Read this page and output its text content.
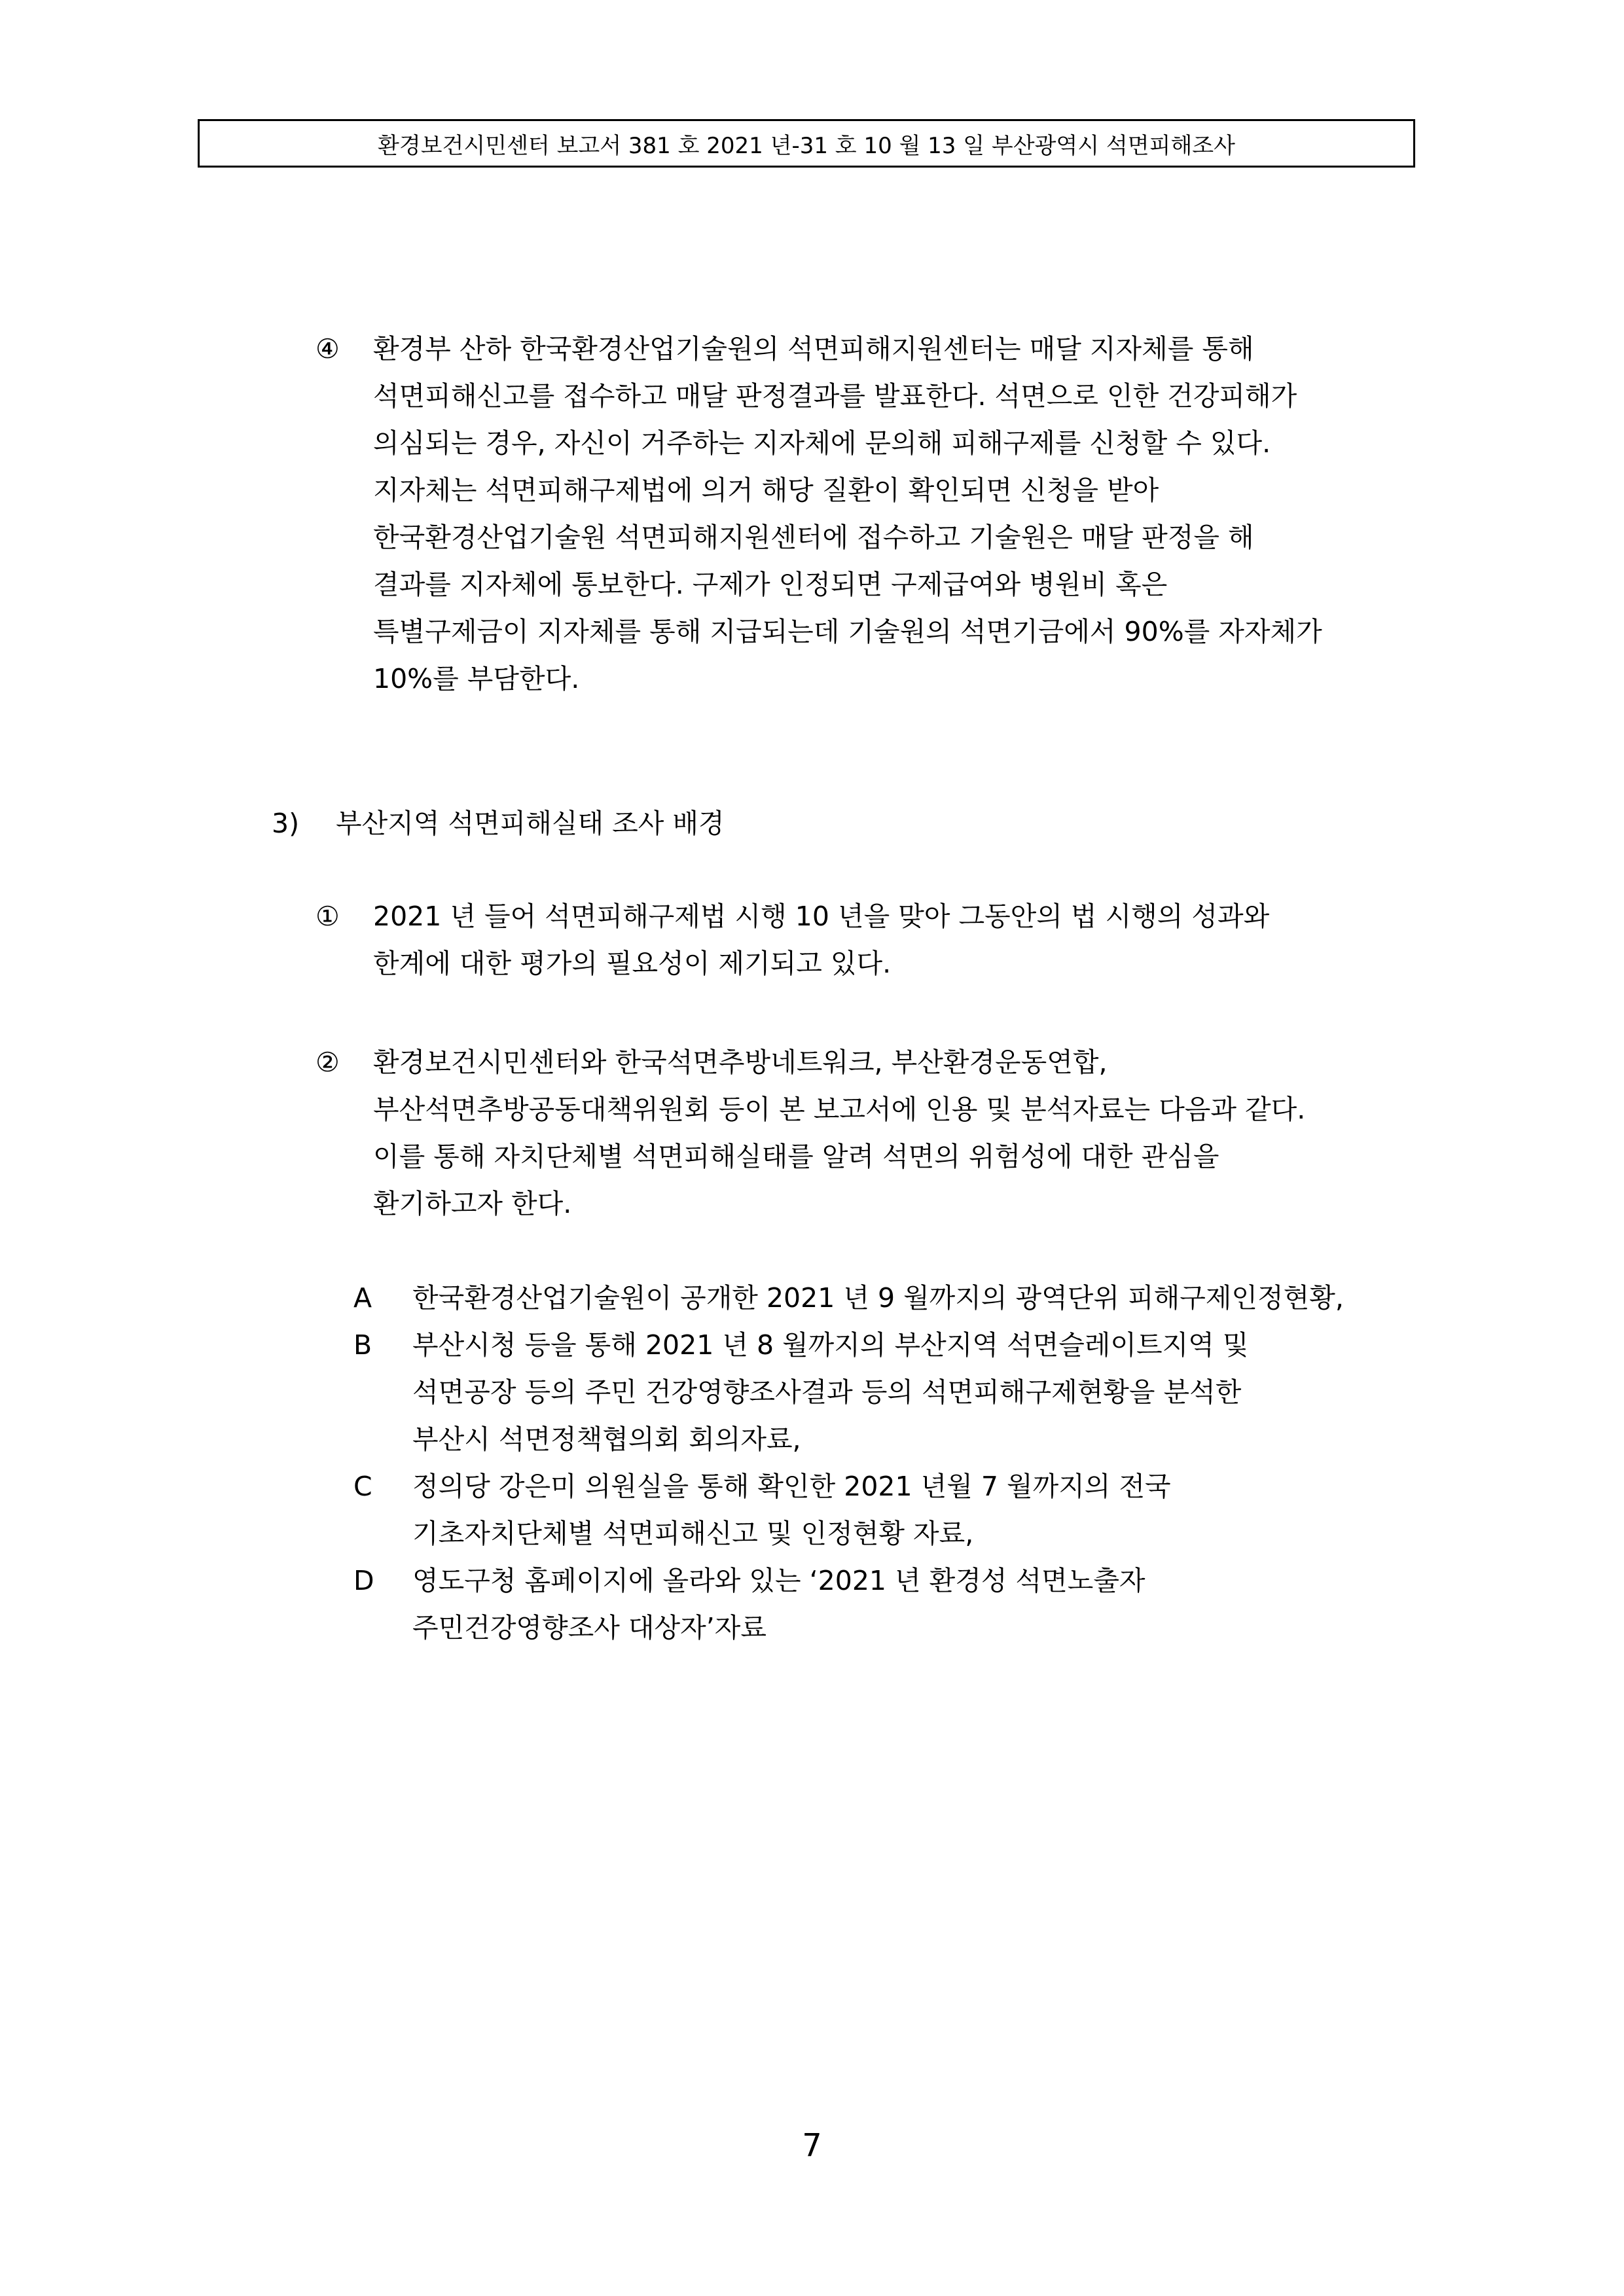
환경보건시민센터 보고서 381 호 2021 년-31 호 10 월 13 일 부산광역시 석면피해조사
④ 환경부 산하 한국환경산업기술원의 석면피해지원센터는 매달 지자체를 통해
석면피해신고를 접수하고 매달 판정결과를 발표한다. 석면으로 인한 건강피해가
의심되는 경우, 자신이 거주하는 지자체에 문의해 피해구제를 신청할 수 있다.
지자체는 석면피해구제법에 의거 해당 질환이 확인되면 신청을 받아
한국환경산업기술원 석면피해지원센터에 접수하고 기술원은 매달 판정을 해
결과를 지자체에 통보한다. 구제가 인정되면 구제급여와 병원비 혹은
특별구제금이 지자체를 통해 지급되는데 기술원의 석면기금에서 90%를 자자체가
10%를 부담한다.
3) 부산지역 석면피해실태 조사 배경
① 2021 년 들어 석면피해구제법 시행 10 년을 맞아 그동안의 법 시행의 성과와
한계에 대한 평가의 필요성이 제기되고 있다.
② 환경보건시민센터와 한국석면추방네트워크, 부산환경운동연합,
부산석면추방공동대책위원회 등이 본 보고서에 인용 및 분석자료는 다음과 같다.
이를 통해 자치단체별 석면피해실태를 알려 석면의 위험성에 대한 관심을
환기하고자 한다.
A 한국환경산업기술원이 공개한 2021 년 9 월까지의 광역단위 피해구제인정현황,
B 부산시청 등을 통해 2021 년 8 월까지의 부산지역 석면슬레이트지역 및
석면공장 등의 주민 건강영향조사결과 등의 석면피해구제현황을 분석한
부산시 석면정책협의회 회의자료,
C 정의당 강은미 의원실을 통해 확인한 2021 년월 7 월까지의 전국
기초자치단체별 석면피해신고 및 인정현황 자료,
D 영도구청 홈페이지에 올라와 있는 ‘2021 년 환경성 석면노출자
주민건강영향조사 대상자’자료
7
